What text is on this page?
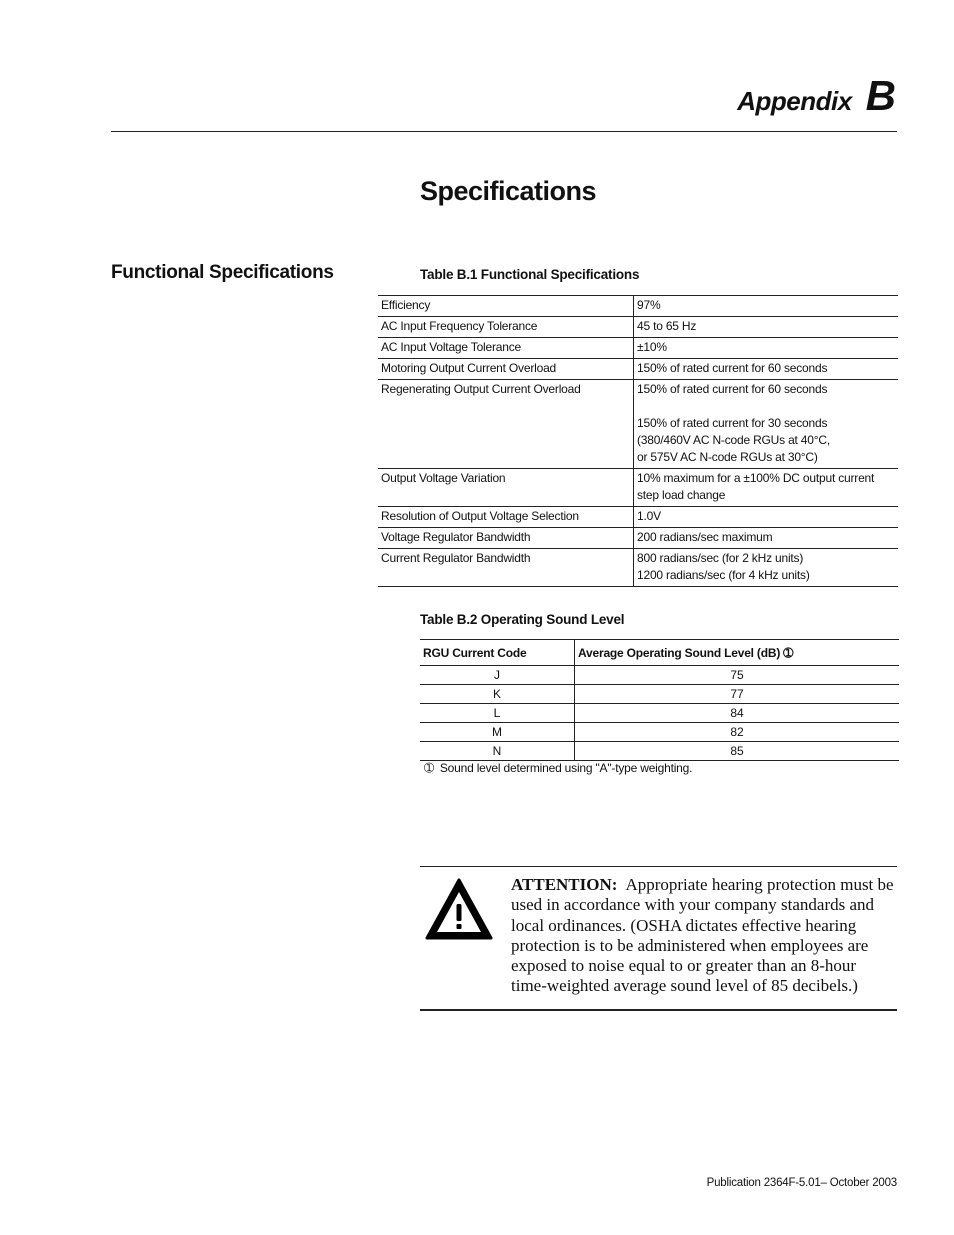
Appendix B
Specifications
Functional Specifications	Table B.1 Functional Specifications
Efficiency	97%
AC Input Frequency Tolerance	45 to 65 Hz
AC Input Voltage Tolerance	±10%
Motoring Output Current Overload	150% of rated current for 60 seconds
Regenerating Output Current Overload	150% of rated current for 60 seconds

150% of rated current for 30 seconds
(380/460V AC N-code RGUs at 40°C,
or 575V AC N-code RGUs at 30°C)
Output Voltage Variation	10% maximum for a ±100% DC output current step load change
Resolution of Output Voltage Selection	1.0V
Voltage Regulator Bandwidth	200 radians/sec maximum
Current Regulator Bandwidth	800 radians/sec (for 2 kHz units)
1200 radians/sec (for 4 kHz units)
Table B.2 Operating Sound Level
RGU Current Code	Average Operating Sound Level (dB) ➀
J	75
K	77
L	84
M	82
N	85
➀ Sound level determined using "A"-type weighting.
ATTENTION: Appropriate hearing protection must be used in accordance with your company standards and local ordinances. (OSHA dictates effective hearing protection is to be administered when employees are exposed to noise equal to or greater than an 8-hour time-weighted average sound level of 85 decibels.)
Publication 2364F-5.01– October 2003
